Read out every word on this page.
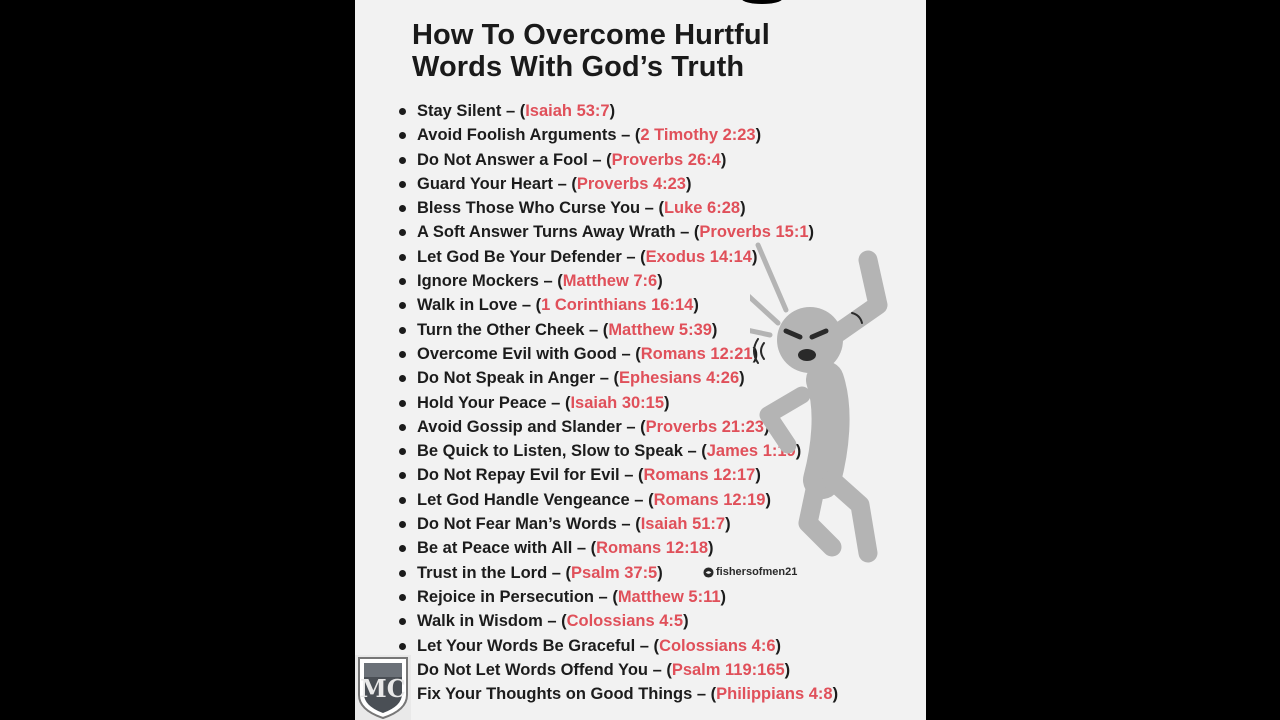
How To Overcome Hurtful
Words With God’s Truth
Stay Silent – (Isaiah 53:7)
Avoid Foolish Arguments – (2 Timothy 2:23)
Do Not Answer a Fool – (Proverbs 26:4)
Guard Your Heart – (Proverbs 4:23)
Bless Those Who Curse You – (Luke 6:28)
A Soft Answer Turns Away Wrath – (Proverbs 15:1)
Let God Be Your Defender – (Exodus 14:14)
Ignore Mockers – (Matthew 7:6)
Walk in Love – (1 Corinthians 16:14)
Turn the Other Cheek – (Matthew 5:39)
Overcome Evil with Good – (Romans 12:21)
Do Not Speak in Anger – (Ephesians 4:26)
Hold Your Peace – (Isaiah 30:15)
Avoid Gossip and Slander – (Proverbs 21:23)
Be Quick to Listen, Slow to Speak – (James 1:19)
Do Not Repay Evil for Evil – (Romans 12:17)
Let God Handle Vengeance – (Romans 12:19)
Do Not Fear Man’s Words – (Isaiah 51:7)
Be at Peace with All – (Romans 12:18)
Trust in the Lord – (Psalm 37:5)
Rejoice in Persecution – (Matthew 5:11)
Walk in Wisdom – (Colossians 4:5)
Let Your Words Be Graceful – (Colossians 4:6)
Do Not Let Words Offend You – (Psalm 119:165)
Fix Your Thoughts on Good Things – (Philippians 4:8)
fishersofmen21
MC
